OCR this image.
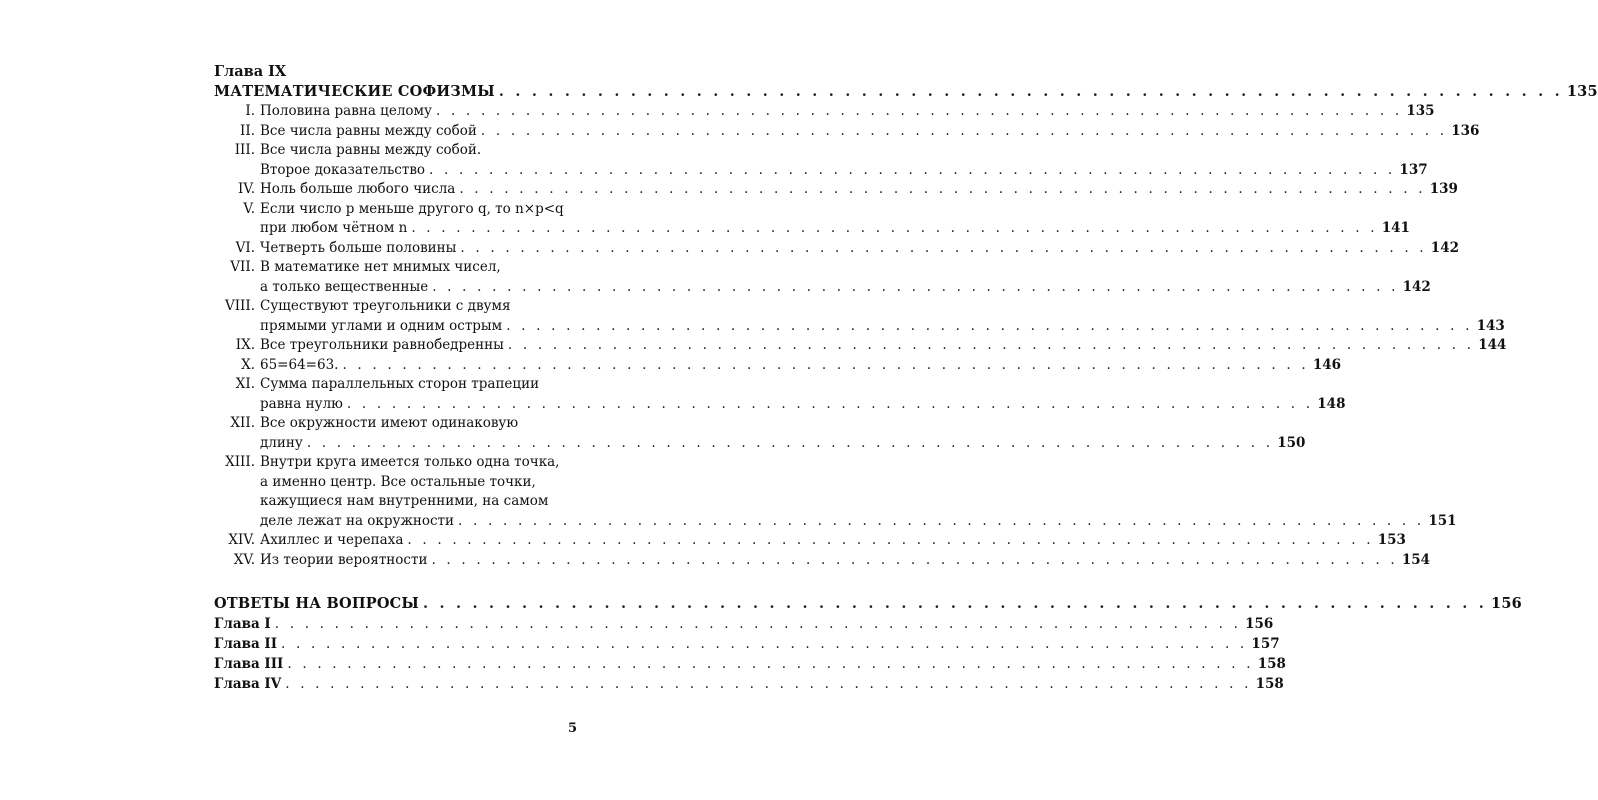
Глава IX
МАТЕМАТИЧЕСКИЕ СОФИЗМЫ . . .	135
I. Половина равна целому . . .	135
II. Все числа равны между собой . . .	136
III. Все числа равны между собой.
Второе доказательство . . .	137
IV. Ноль больше любого числа . . .	139
V. Если число p меньше другого q, то n×p<q
при любом чётном n . . .	141
VI. Четверть больше половины . . .	142
VII. В математике нет мнимых чисел,
а только вещественные . . .	142
VIII. Существуют треугольники с двумя
прямыми углами и одним острым . . .	143
IX. Все треугольники равнобедренны . . .	144
X. 65=64=63. . . .	146
XI. Сумма параллельных сторон трапеции
равна нулю . . .	148
XII. Все окружности имеют одинаковую
длину . . .	150
XIII. Внутри круга имеется только одна точка,
а именно центр. Все остальные точки,
кажущиеся нам внутренними, на самом
деле лежат на окружности . . .	151
XIV. Ахиллес и черепаха . . .	153
XV. Из теории вероятности . . .	154
ОТВЕТЫ НА ВОПРОСЫ . . .	156
Глава I . . .	156
Глава II . . .	157
Глава III . . .	158
Глава IV . . .	158
5
